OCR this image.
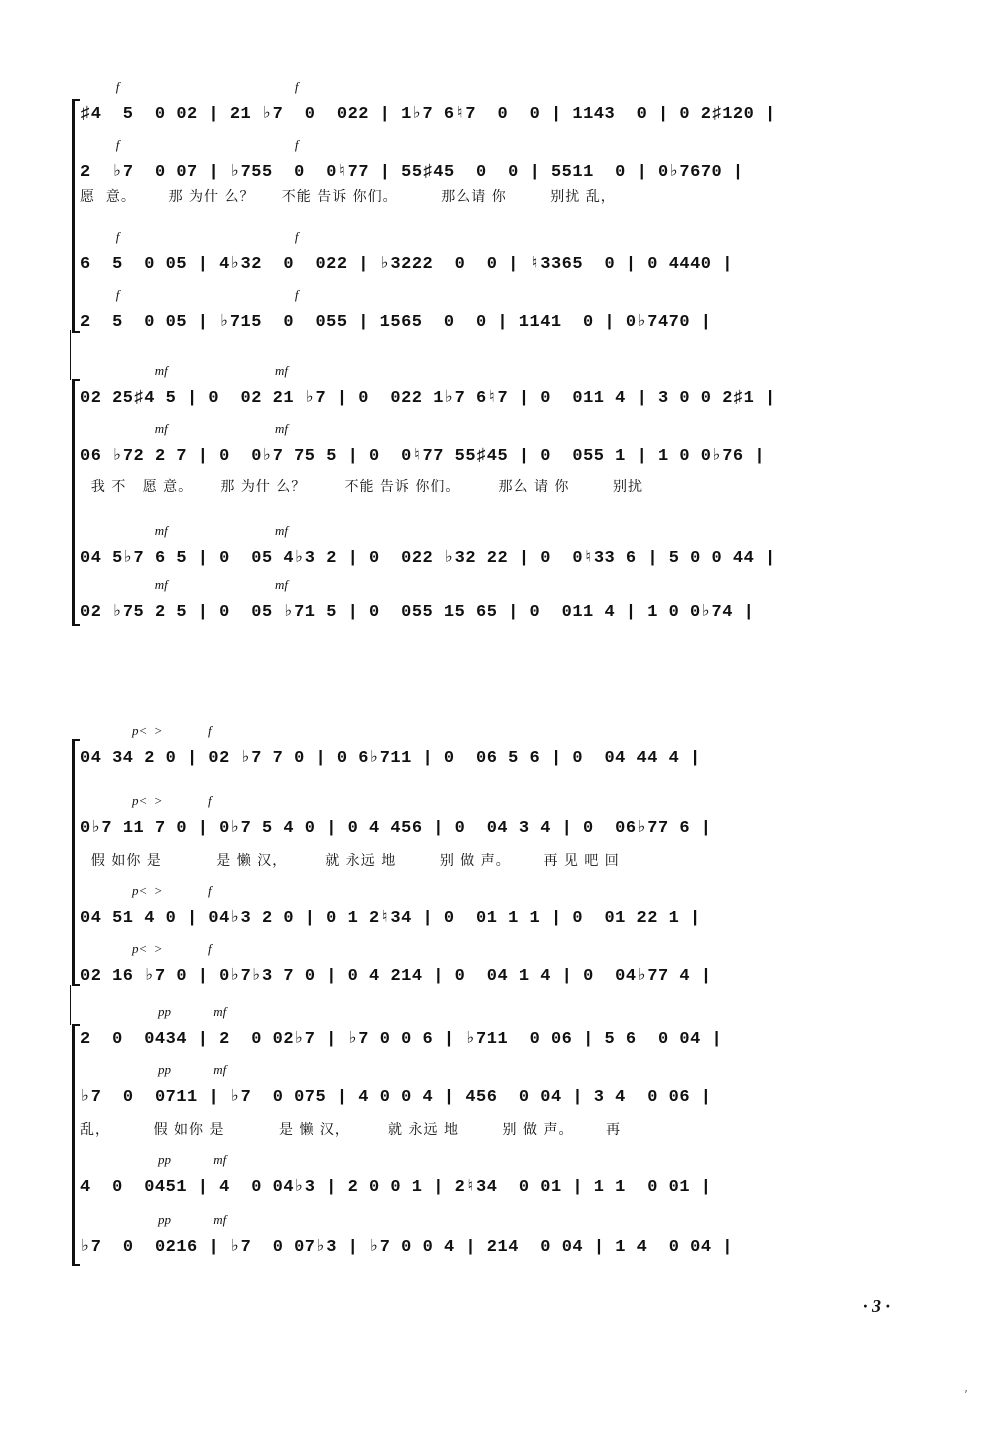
f                                                      f
♯4  5  0 02 | 21 ♭7  0  022 | 1♭7 6♮7  0  0 | 1143  0 | 0 2♯120 |
f                                                      f
2  ♭7  0 07 | ♭755  0  0♮77 | 55♯45  0  0 | 5511  0 | 0♭7670 |
愿  意。      那 为什 么？     不能 告诉 你们。        那么请 你        别扰 乱，
f                                                      f
6  5  0 05 | 4♭32  0  022 | ♭3222  0  0 | ♮3365  0 | 0 4440 |
f                                                      f
2  5  0 05 | ♭715  0  055 | 1565  0  0 | 1141  0 | 0♭7470 |
mf                                 mf
02 25♯4 5 | 0  02 21 ♭7 | 0  022 1♭7 6♮7 | 0  011 4 | 3 0 0 2♯1 |
mf                                 mf
06 ♭72 2 7 | 0  0♭7 75 5 | 0  0♮77 55♯45 | 0  055 1 | 1 0 0♭76 |
我 不   愿 意。     那 为什 么？       不能 告诉 你们。       那么 请 你        别扰
mf                                 mf
04 5♭7 6 5 | 0  05 4♭3 2 | 0  022 ♭32 22 | 0  0♮33 6 | 5 0 0 44 |
mf                                 mf
02 ♭75 2 5 | 0  05 ♭71 5 | 0  055 15 65 | 0  011 4 | 1 0 0♭74 |
p<  >              f
04 34 2 0 | 02 ♭7 7 0 | 0 6♭711 | 0  06 5 6 | 0  04 44 4 |
p<  >              f
0♭7 11 7 0 | 0♭7 5 4 0 | 0 4 456 | 0  04 3 4 | 0  06♭77 6 |
假 如你 是          是 懒 汉，       就 永远 地        别 做 声。      再 见 吧 回
p<  >              f
04 51 4 0 | 04♭3 2 0 | 0 1 2♮34 | 0  01 1 1 | 0  01 22 1 |
p<  >              f
02 16 ♭7 0 | 0♭7♭3 7 0 | 0 4 214 | 0  04 1 4 | 0  04♭77 4 |
pp             mf
2  0  0434 | 2  0 02♭7 | ♭7 0 0 6 | ♭711  0 06 | 5 6  0 04 |
pp             mf
♭7  0  0711 | ♭7  0 075 | 4 0 0 4 | 456  0 04 | 3 4  0 06 |
乱，        假 如你 是          是 懒 汉，       就 永远 地        别 做 声。      再
pp             mf
4  0  0451 | 4  0 04♭3 | 2 0 0 1 | 2♮34  0 01 | 1 1  0 01 |
pp             mf
♭7  0  0216 | ♭7  0 07♭3 | ♭7 0 0 4 | 214  0 04 | 1 4  0 04 |
· 3 ·
׳
